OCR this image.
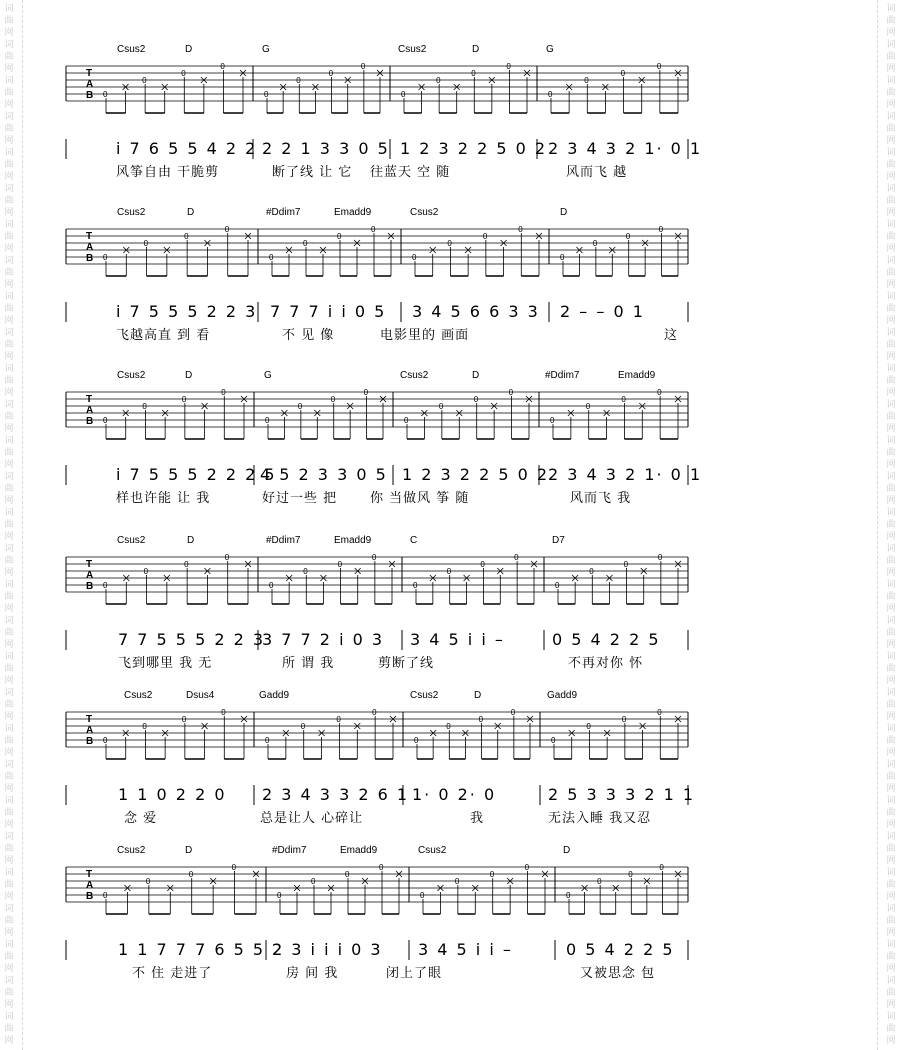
词	词
曲	曲
网	网
词	词
曲	曲
网	网
词	词
曲	曲
网	网
词	词
曲	曲
网	网
词	词
曲	曲
网	网
词	词
曲	曲
网	网
词	词
曲	曲
网	网
词	词
曲	曲
网	网
词	词
曲	曲
网	网
词	词
曲	曲
网	网
词	词
曲	曲
网	网
词	词
曲	曲
网	网
词	词
曲	曲
网	网
词	词
曲	曲
网	网
词	词
曲	曲
网	网
词	词
曲	曲
网	网
词	词
曲	曲
网	网
词	词
曲	曲
网	网
词	词
曲	曲
网	网
词	词
曲	曲
网	网
词	词
曲	曲
网	网
词	词
曲	曲
网	网
词	词
曲	曲
网	网
词	词
曲	曲
网	网
词	词
曲	曲
网	网
词	词
曲	曲
网	网
词	词
曲	曲
网	网
词	词
曲	曲
网	网
词	词
曲	曲
网	网
Csus2	D	G	Csus2	D	G
i 7 6 5 5 4 2 2 2 2 1 3 3 0 5 1 2 3 2 2 5 0 2 2 3 4 3 2 1· 0 1
风筝自由 干脆剪	断了线 让 它 往蓝天 空 随	风而飞 越
Csus2	D	#Ddim7	Emadd9	Csus2	D
i 7 5 5 5 2 2 3 7 7 7 i i 0 5 3 4 5 6 6 3 3 2 – – 0 1
飞越高直 到 看	不 见 像	电影里的 画面	这
Csus2	D	G	Csus2	D	#Ddim7	Emadd9
i 7 5 5 5 2 2 2 5
4 5 2 3 3 0 5 1 2 3 2 2 5 0 2
2 3 4 3 2 1· 0 1
样也许能 让 我	好过一些 把	你 当做风 筝 随	风而飞 我
Csus2	D	#Ddim7	Emadd9	C	D7
7 7 5 5 5 2 2 3
3 7 7 2 i 0 3 3 4 5 i i –	0 5 4 2 2 5
飞到哪里 我 无	所 谓 我	剪断了线	不再对你 怀
Csus2	Dsus4	Gadd9	Csus2	D	Gadd9
1 1 0 2 2 0 2 3 4 3 3 2 6 1 1· 0 2· 0	2 5 3 3 3 2 1 1
念 爱	总是让人 心碎让	我	无法入睡 我又忍
Csus2	D	#Ddim7	Emadd9	Csus2	D
1 1 7 7 7 6 5 5 2
2 3 i i i 0 3 3 4 5 i i –	0 5 4 2 2 5
不 住 走进了	房 间 我	闭上了眼	又被思念 包
T
A
B 0
0
0
0
0
0
0
0
0
0
0
0
0
0
0
0
T
A
B 0
0
0
0
0
0
0
0
0
0
0
0
0
0
0
0
T
A
B 0
0
0
0
0
0
0
0
0
0
0
0
0
0
0
0
T
A
B 0
0
0
0
0
0
0
0
0
0
0
0
0
0
0
0
T
A
B 0
0
0
0
0
0
0
0
0
0
0
0
0
0
0
0
T
A
B 0
0
0
0
0
0
0
0
0
0
0
0
0
0
0
0
